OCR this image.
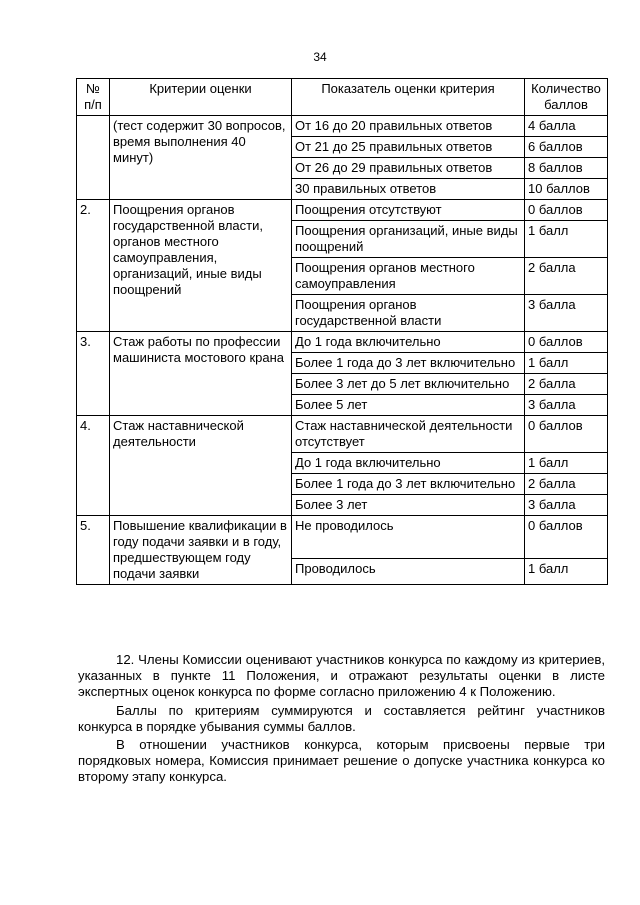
34
№ п/п	Критерии оценки	Показатель оценки критерия	Количество баллов
	(тест содержит 30 вопросов, время выполнения 40 минут)	От 16 до 20 правильных ответов	4 балла
		От 21 до 25 правильных ответов	6 баллов
		От 26 до 29 правильных ответов	8 баллов
		30 правильных ответов	10 баллов
2.	Поощрения органов государственной власти, органов местного самоуправления, организаций, иные виды поощрений	Поощрения отсутствуют	0 баллов
		Поощрения организаций, иные виды поощрений	1 балл
		Поощрения органов местного самоуправления	2 балла
		Поощрения органов государственной власти	3 балла
3.	Стаж работы по профессии машиниста мостового крана	До 1 года включительно	0 баллов
		Более 1 года до 3 лет включительно	1 балл
		Более 3 лет до 5 лет включительно	2 балла
		Более 5 лет	3 балла
4.	Стаж наставнической деятельности	Стаж наставнической деятельности отсутствует	0 баллов
		До 1 года включительно	1 балл
		Более 1 года до 3 лет включительно	2 балла
		Более 3 лет	3 балла
5.	Повышение квалификации в году подачи заявки и в году, предшествующем году подачи заявки	Не проводилось	0 баллов
		Проводилось	1 балл

12. Члены Комиссии оценивают участников конкурса по каждому из критериев, указанных в пункте 11 Положения, и отражают результаты оценки в листе экспертных оценок конкурса по форме согласно приложению 4 к Положению.

Баллы по критериям суммируются и составляется рейтинг участников конкурса в порядке убывания суммы баллов.

В отношении участников конкурса, которым присвоены первые три порядковых номера, Комиссия принимает решение о допуске участника конкурса ко второму этапу конкурса.
